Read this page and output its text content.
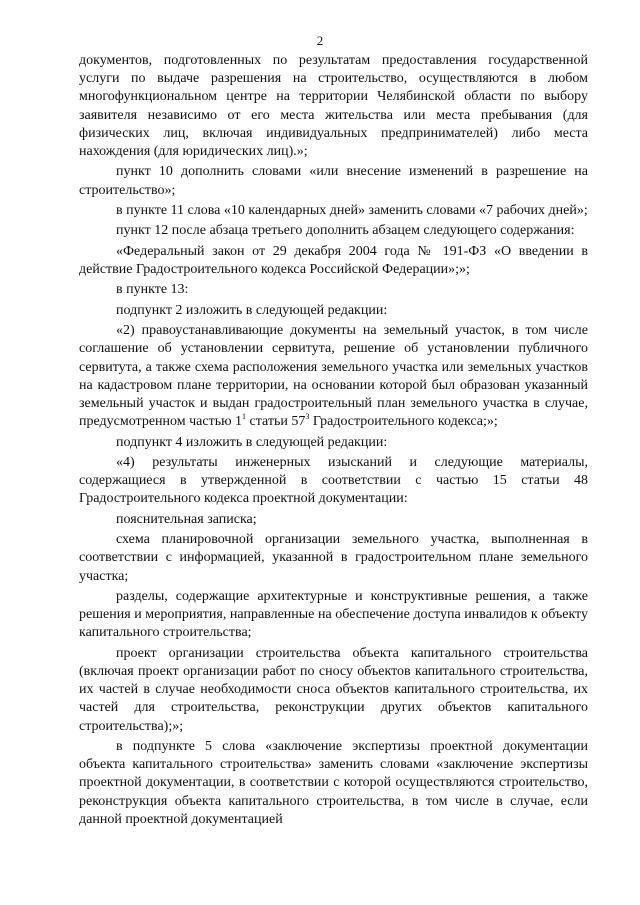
2

документов, подготовленных по результатам предоставления государственной услуги по выдаче разрешения на строительство, осуществляются в любом многофункциональном центре на территории Челябинской области по выбору заявителя независимо от его места жительства или места пребывания (для физических лиц, включая индивидуальных предпринимателей) либо места нахождения (для юридических лиц).»;

пункт 10 дополнить словами «или внесение изменений в разрешение на строительство»;

в пункте 11 слова «10 календарных дней» заменить словами «7 рабочих дней»;

пункт 12 после абзаца третьего дополнить абзацем следующего содержания:

«Федеральный закон от 29 декабря 2004 года № 191-ФЗ «О введении в действие Градостроительного кодекса Российской Федерации»;»;

в пункте 13:

подпункт 2 изложить в следующей редакции:

«2) правоустанавливающие документы на земельный участок, в том числе соглашение об установлении сервитута, решение об установлении публичного сервитута, а также схема расположения земельного участка или земельных участков на кадастровом плане территории, на основании которой был образован указанный земельный участок и выдан градостроительный план земельного участка в случае, предусмотренном частью $1^1$ статьи $57^3$ Градостроительного кодекса;»;

подпункт 4 изложить в следующей редакции:

«4) результаты инженерных изысканий и следующие материалы, содержащиеся в утвержденной в соответствии с частью 15 статьи 48 Градостроительного кодекса проектной документации:

пояснительная записка;

схема планировочной организации земельного участка, выполненная в соответствии с информацией, указанной в градостроительном плане земельного участка;

разделы, содержащие архитектурные и конструктивные решения, а также решения и мероприятия, направленные на обеспечение доступа инвалидов к объекту капитального строительства;

проект организации строительства объекта капитального строительства (включая проект организации работ по сносу объектов капитального строительства, их частей в случае необходимости сноса объектов капитального строительства, их частей для строительства, реконструкции других объектов капитального строительства);»;

в подпункте 5 слова «заключение экспертизы проектной документации объекта капитального строительства» заменить словами «заключение экспертизы проектной документации, в соответствии с которой осуществляются строительство, реконструкция объекта капитального строительства, в том числе в случае, если данной проектной документацией
